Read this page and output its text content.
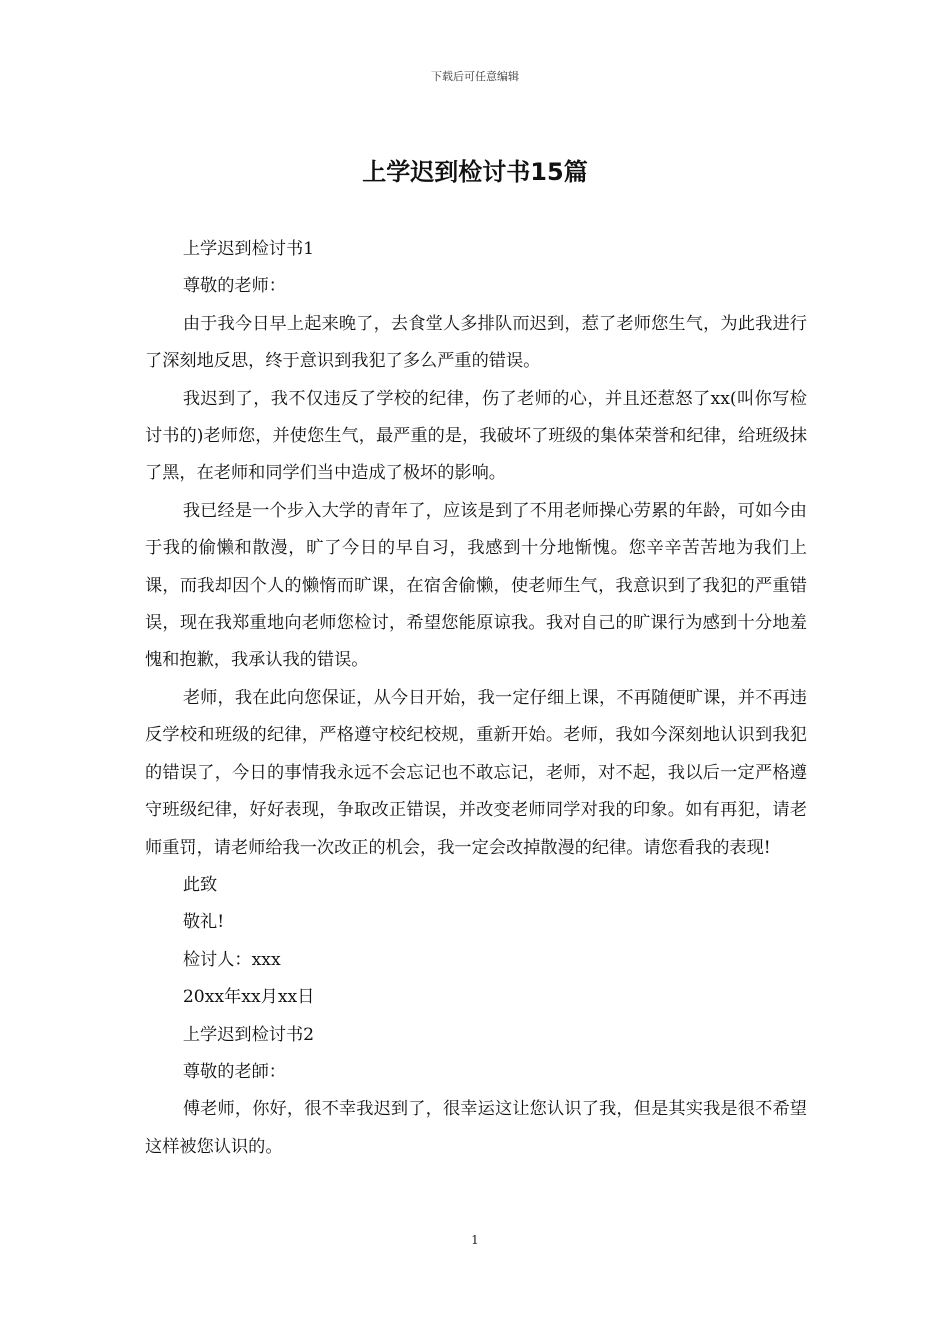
下载后可任意编辑
上学迟到检讨书15篇

上学迟到检讨书1

尊敬的老师：

由于我今日早上起来晚了，去食堂人多排队而迟到，惹了老师您生气，为此我进行了深刻地反思，终于意识到我犯了多么严重的错误。

我迟到了，我不仅违反了学校的纪律，伤了老师的心，并且还惹怒了xx(叫你写检讨书的)老师您，并使您生气，最严重的是，我破坏了班级的集体荣誉和纪律，给班级抹了黑，在老师和同学们当中造成了极坏的影响。

我已经是一个步入大学的青年了，应该是到了不用老师操心劳累的年龄，可如今由于我的偷懒和散漫，旷了今日的早自习，我感到十分地惭愧。您辛辛苦苦地为我们上课，而我却因个人的懒惰而旷课，在宿舍偷懒，使老师生气，我意识到了我犯的严重错误，现在我郑重地向老师您检讨，希望您能原谅我。我对自己的旷课行为感到十分地羞愧和抱歉，我承认我的错误。

老师，我在此向您保证，从今日开始，我一定仔细上课，不再随便旷课，并不再违反学校和班级的纪律，严格遵守校纪校规，重新开始。老师，我如今深刻地认识到我犯的错误了，今日的事情我永远不会忘记也不敢忘记，老师，对不起，我以后一定严格遵守班级纪律，好好表现，争取改正错误，并改变老师同学对我的印象。如有再犯，请老师重罚，请老师给我一次改正的机会，我一定会改掉散漫的纪律。请您看我的表现!

此致

敬礼!

检讨人：xxx

20xx年xx月xx日

上学迟到检讨书2

尊敬的老師：

傅老师，你好，很不幸我迟到了，很幸运这让您认识了我，但是其实我是很不希望这样被您认识的。

1
